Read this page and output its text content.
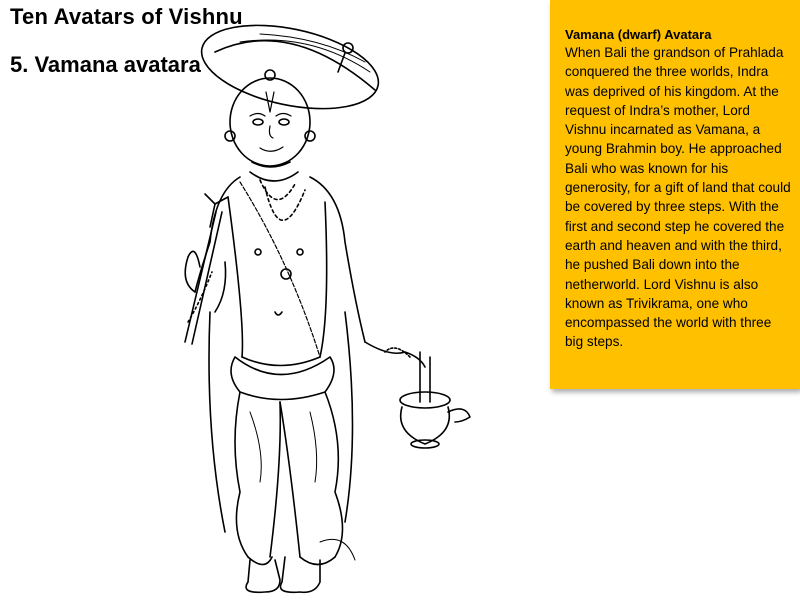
Ten Avatars of Vishnu
5. Vamana avatara

Vamana (dwarf) Avatara

When Bali the grandson of Prahlada conquered the three worlds, Indra was deprived of his kingdom. At the request of Indra’s mother, Lord Vishnu incarnated as Vamana, a young Brahmin boy. He approached Bali who was known for his generosity, for a gift of land that could be covered by three steps. With the first and second step he covered the earth and heaven and with the third, he pushed Bali down into the netherworld. Lord Vishnu is also known as Trivikrama, one who encompassed the world with three big steps.
